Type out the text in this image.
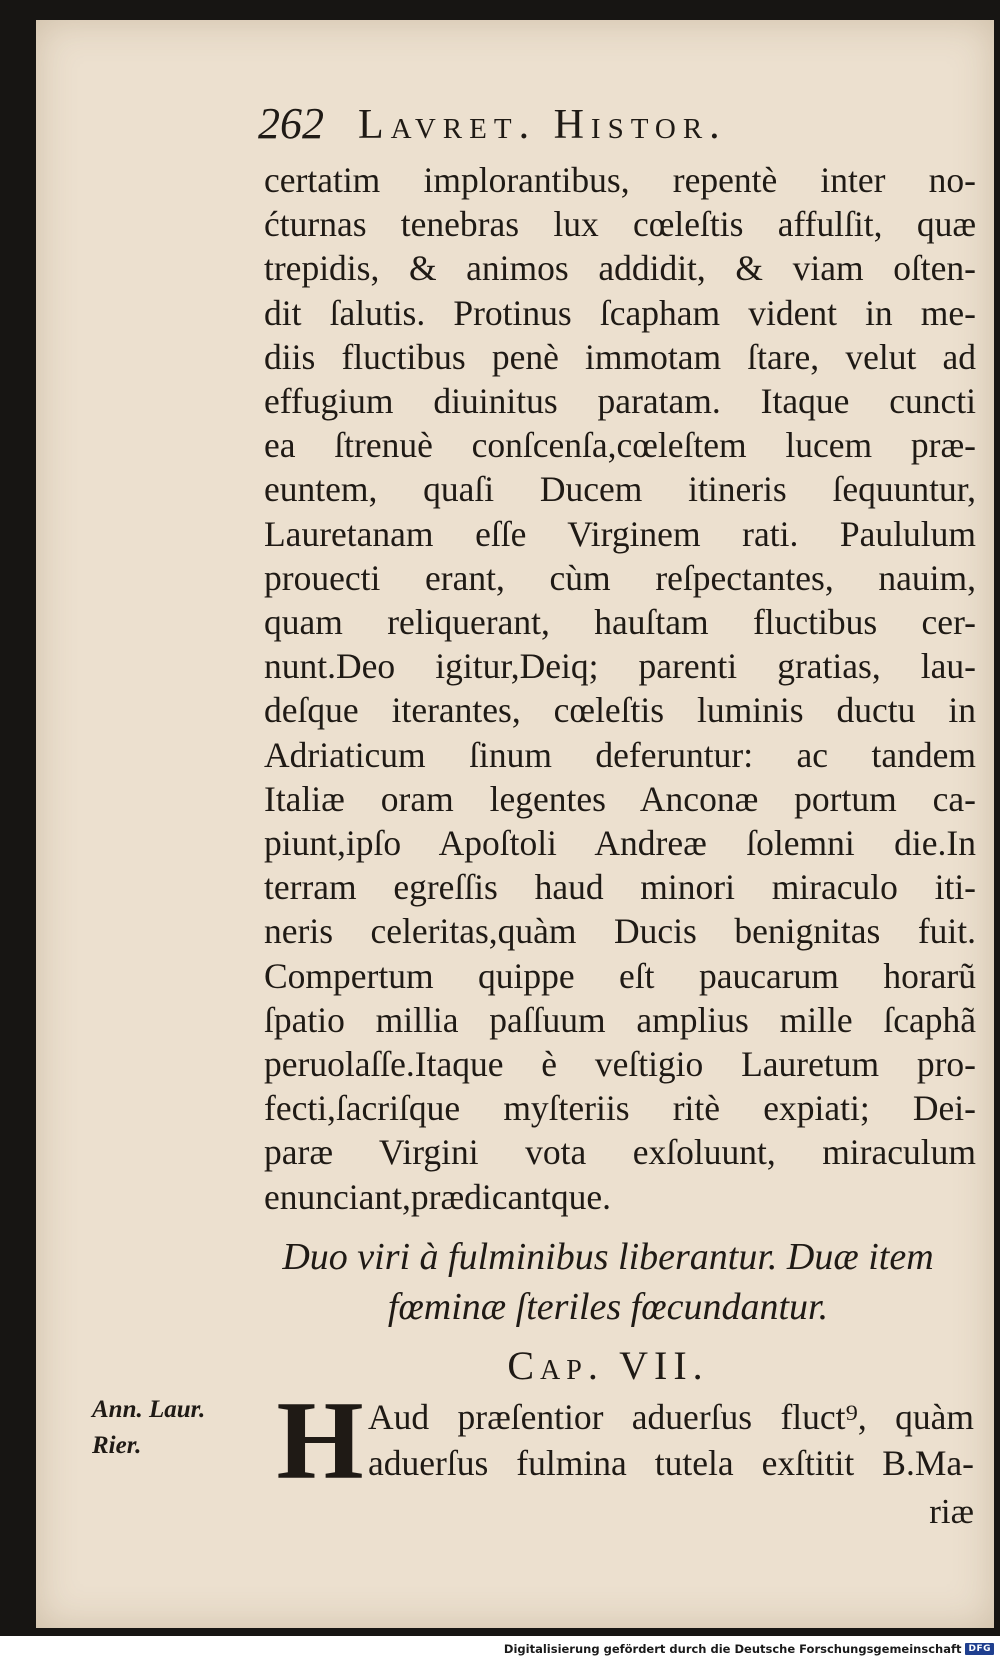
262 Lavret. Histor.

certatim implorantibus, repentè inter no-
ćturnas tenebras lux cœleſtis affulſit, quæ
trepidis, & animos addidit, & viam oſten-
dit ſalutis. Protinus ſcapham vident in me-
diis fluctibus penè immotam ſtare, velut ad
effugium diuinitus paratam. Itaque cuncti
ea ſtrenuè conſcenſa,cœleſtem lucem præ-
euntem, quaſi Ducem itineris ſequuntur,
Lauretanam eſſe Virginem rati. Paululum
prouecti erant, cùm reſpectantes, nauim,
quam reliquerant, hauſtam fluctibus cer-
nunt.Deo igitur,Deiq; parenti gratias, lau-
deſque iterantes, cœleſtis luminis ductu in
Adriaticum ſinum deferuntur: ac tandem
Italiæ oram legentes Anconæ portum ca-
piunt,ipſo Apoſtoli Andreæ ſolemni die.In
terram egreſſis haud minori miraculo iti-
neris celeritas,quàm Ducis benignitas fuit.
Compertum quippe eſt paucarum horarũ
ſpatio millia paſſuum amplius mille ſcaphã
peruolaſſe.Itaque è veſtigio Lauretum pro-
fecti,ſacriſque myſteriis ritè expiati; Dei-
paræ Virgini vota exſoluunt, miraculum
enunciant,prædicantque.

Duo viri à fulminibus liberantur. Duæ item
fœminæ ſteriles fœcundantur.
Cap. VII.
Ann. Laur.
Rier.	H Aud præſentior aduerſus fluct⁹, quàm
aduerſus fulmina tutela exſtitit B.Ma-
riæ
Digitalisierung gefördert durch die Deutsche Forschungsgemeinschaft DFG
